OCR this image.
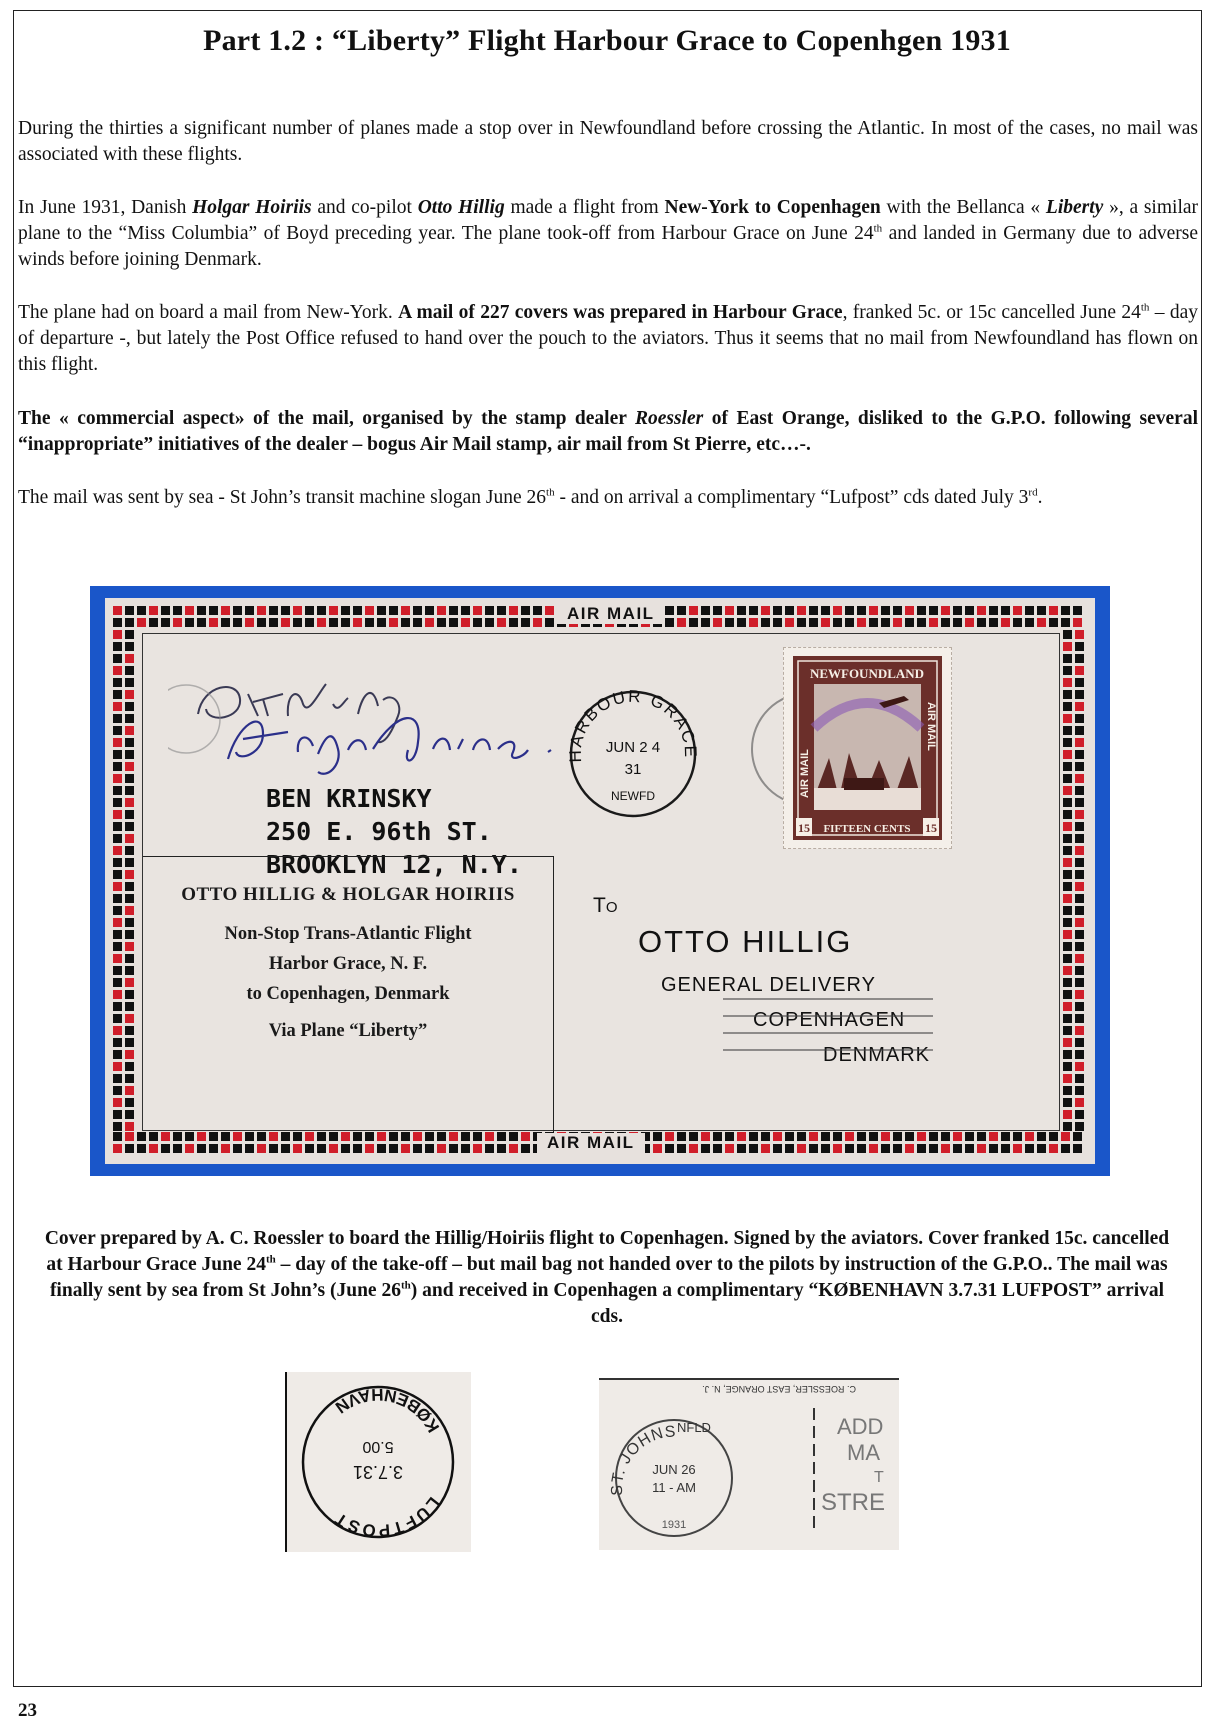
Part 1.2 : “Liberty” Flight Harbour Grace to Copenhgen 1931
During the thirties a significant number of planes made a stop over in Newfoundland before crossing the Atlantic. In most of the cases, no mail was associated with these flights.
In June 1931, Danish Holgar Hoiriis and co-pilot Otto Hillig made a flight from New-York to Copenhagen with the Bellanca « Liberty », a similar plane to the “Miss Columbia” of Boyd preceding year. The plane took-off from Harbour Grace on June 24th and landed in Germany due to adverse winds before joining Denmark.
The plane had on board a mail from New-York. A mail of 227 covers was prepared in Harbour Grace, franked 5c. or 15c cancelled June 24th – day of departure -, but lately the Post Office refused to hand over the pouch to the aviators. Thus it seems that no mail from Newfoundland has flown on this flight.
The « commercial aspect» of the mail, organised by the stamp dealer Roessler of East Orange, disliked to the G.P.O. following several “inappropriate” initiatives of the dealer – bogus Air Mail stamp, air mail from St Pierre, etc…-.
The mail was sent by sea - St John’s transit machine slogan June 26th - and on arrival a complimentary “Lufpost” cds dated July 3rd.
AIR MAIL
AIR MAIL
BEN KRINSKY
250 E. 96th ST.
BROOKLYN 12, N.Y.
OTTO HILLIG & HOLGAR HOIRIIS
Non-Stop Trans-Atlantic Flight
Harbor Grace, N. F.
to Copenhagen, Denmark
Via Plane “Liberty”
HARBOUR GRACE
JUN 2 4
31
NEWFD
NEWFOUNDLAND
AIR MAIL
AIR MAIL
15	15
FIFTEEN CENTS
To
OTTO HILLIG
GENERAL DELIVERY
COPENHAGEN
DENMARK
Cover prepared by A. C. Roessler to board the Hillig/Hoiriis flight to Copenhagen. Signed by the aviators. Cover franked 15c. cancelled at Harbour Grace June 24th – day of the take-off – but mail bag not handed over to the pilots by instruction of the G.P.O.. The mail was finally sent by sea from St John’s (June 26th) and received in Copenhagen a complimentary “KØBENHAVN 3.7.31 LUFPOST” arrival cds.
LUFTPOST
KØBENHAVN
3.7.31
5.00
C. ROESSLER, EAST ORANGE, N. J.
ST. JOHNS NFLD
JUN 26
11 - AM
1931
ADD
MA
T
STRE
23
